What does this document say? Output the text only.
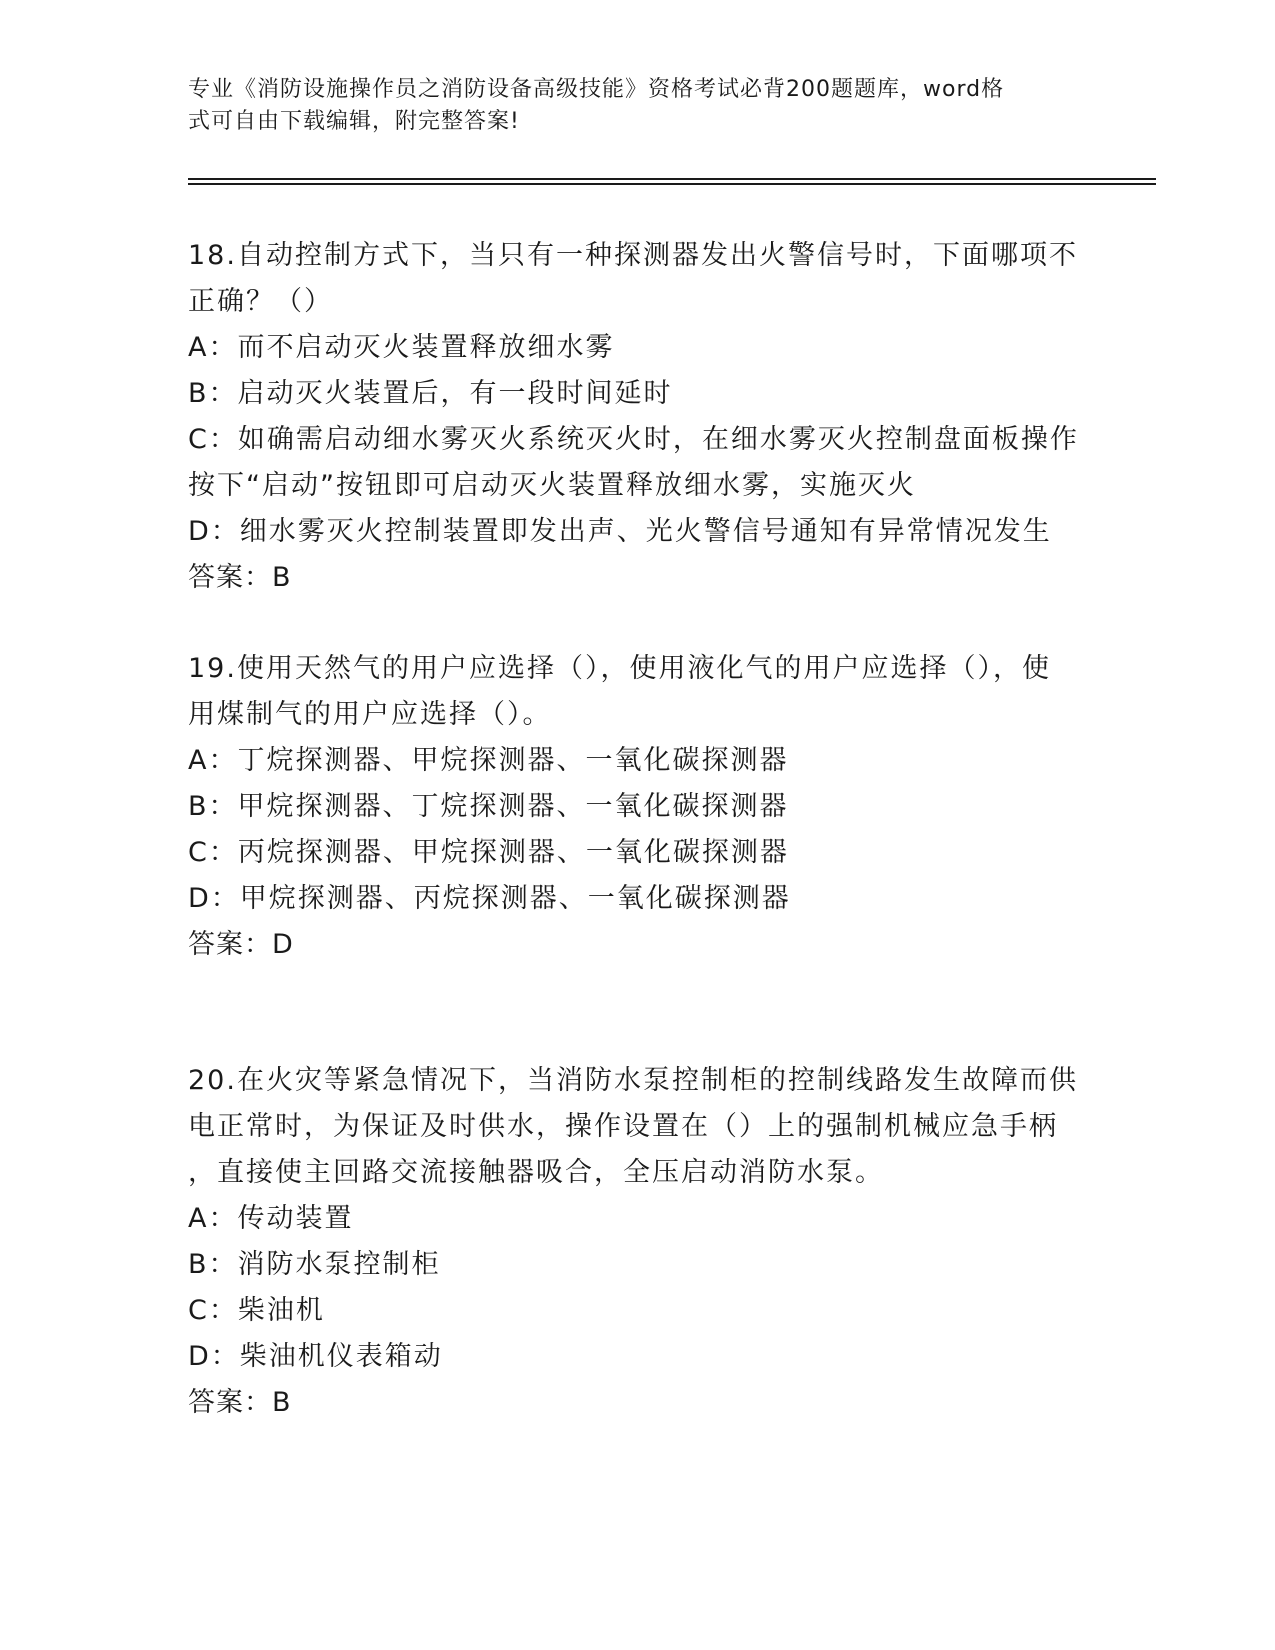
专业《消防设施操作员之消防设备高级技能》资格考试必背200题题库，word格
式可自由下载编辑，附完整答案!
18.自动控制方式下，当只有一种探测器发出火警信号时，下面哪项不
正确？（）
A：而不启动灭火装置释放细水雾
B：启动灭火装置后，有一段时间延时
C：如确需启动细水雾灭火系统灭火时，在细水雾灭火控制盘面板操作
按下“启动”按钮即可启动灭火装置释放细水雾，实施灭火
D：细水雾灭火控制装置即发出声、光火警信号通知有异常情况发生
答案：B
19.使用天然气的用户应选择（），使用液化气的用户应选择（），使
用煤制气的用户应选择（）。
A：丁烷探测器、甲烷探测器、一氧化碳探测器
B：甲烷探测器、丁烷探测器、一氧化碳探测器
C：丙烷探测器、甲烷探测器、一氧化碳探测器
D：甲烷探测器、丙烷探测器、一氧化碳探测器
答案：D
20.在火灾等紧急情况下，当消防水泵控制柜的控制线路发生故障而供
电正常时，为保证及时供水，操作设置在（）上的强制机械应急手柄
，直接使主回路交流接触器吸合，全压启动消防水泵。
A：传动装置
B：消防水泵控制柜
C：柴油机
D：柴油机仪表箱动
答案：B
